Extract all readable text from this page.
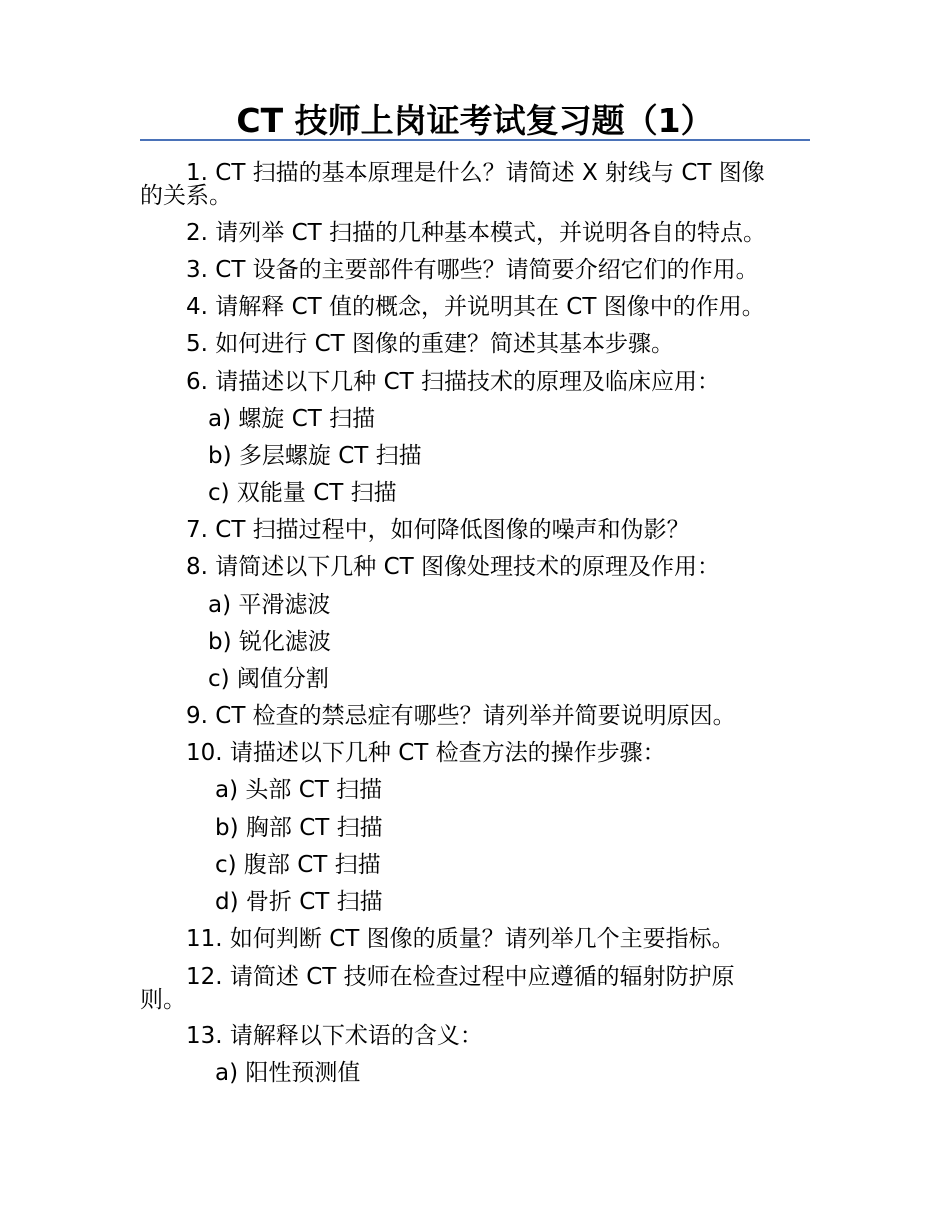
CT 技师上岗证考试复习题（1）
1. CT 扫描的基本原理是什么？请简述 X 射线与 CT 图像
的关系。
2. 请列举 CT 扫描的几种基本模式，并说明各自的特点。
3. CT 设备的主要部件有哪些？请简要介绍它们的作用。
4. 请解释 CT 值的概念，并说明其在 CT 图像中的作用。
5. 如何进行 CT 图像的重建？简述其基本步骤。
6. 请描述以下几种 CT 扫描技术的原理及临床应用：
a) 螺旋 CT 扫描
b) 多层螺旋 CT 扫描
c) 双能量 CT 扫描
7. CT 扫描过程中，如何降低图像的噪声和伪影？
8. 请简述以下几种 CT 图像处理技术的原理及作用：
a) 平滑滤波
b) 锐化滤波
c) 阈值分割
9. CT 检查的禁忌症有哪些？请列举并简要说明原因。
10. 请描述以下几种 CT 检查方法的操作步骤：
a) 头部 CT 扫描
b) 胸部 CT 扫描
c) 腹部 CT 扫描
d) 骨折 CT 扫描
11. 如何判断 CT 图像的质量？请列举几个主要指标。
12. 请简述 CT 技师在检查过程中应遵循的辐射防护原
则。
13. 请解释以下术语的含义：
a) 阳性预测值
